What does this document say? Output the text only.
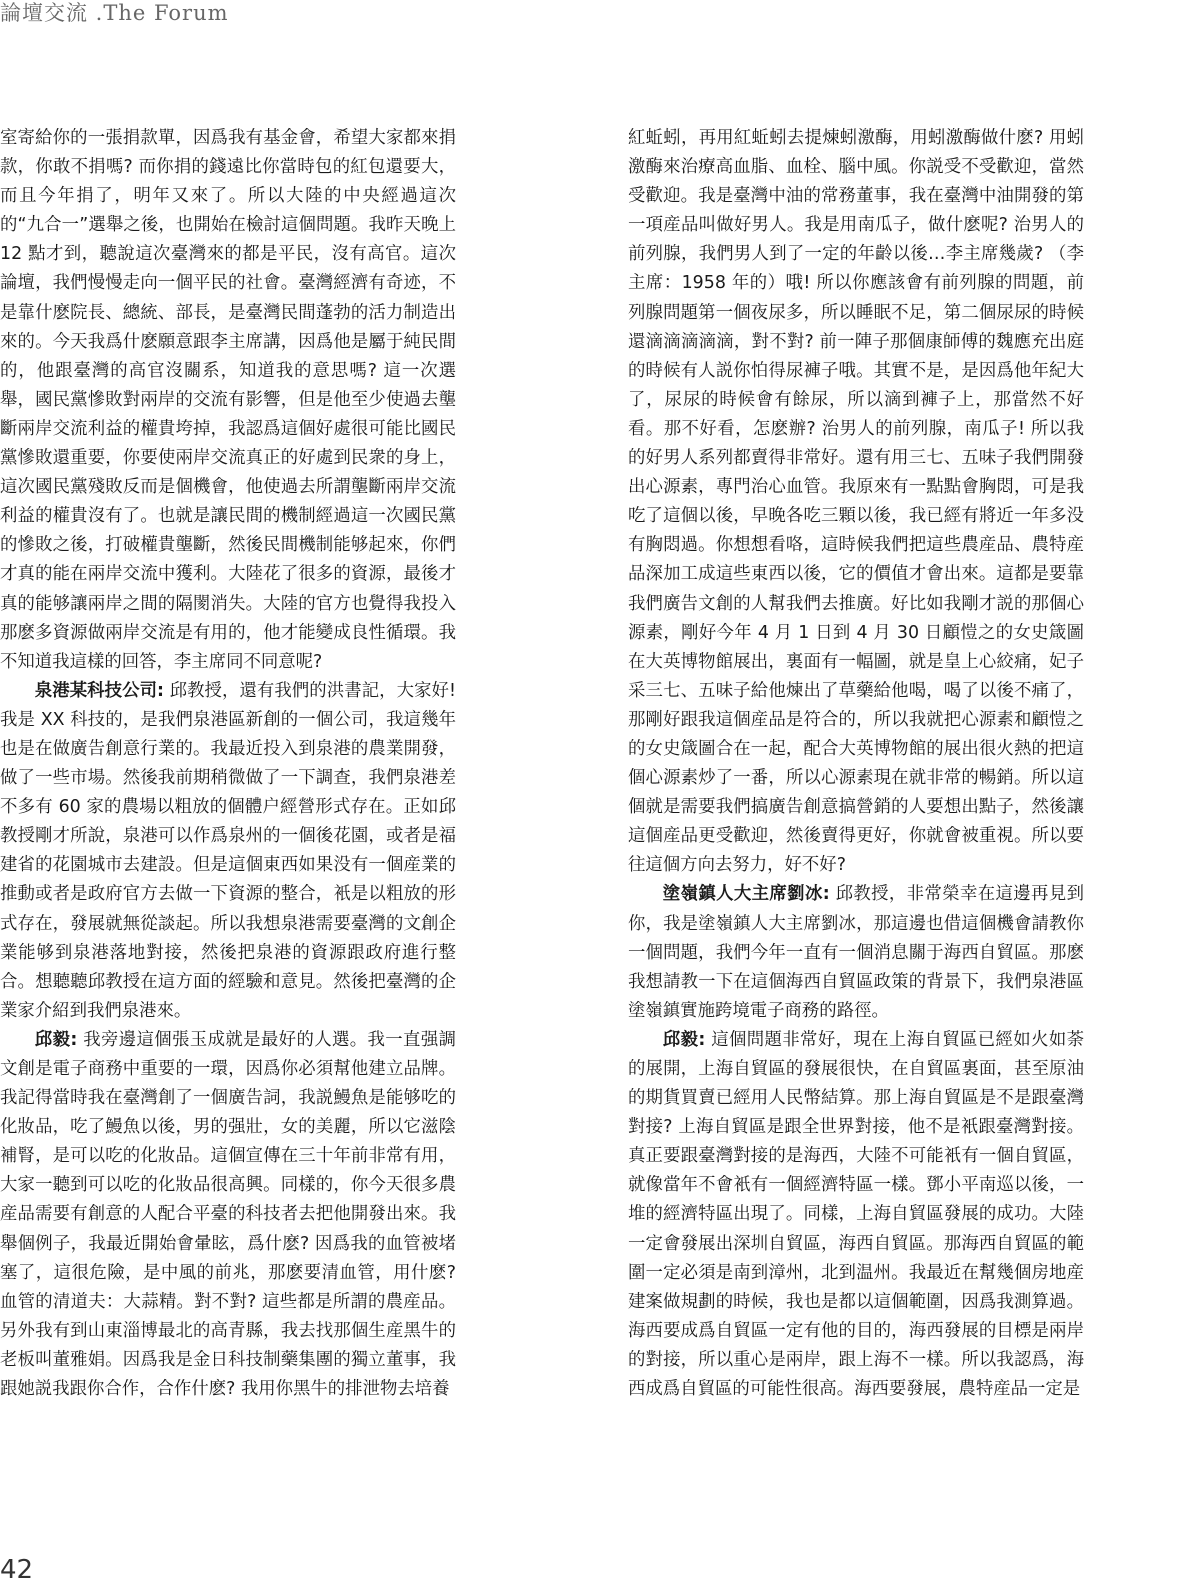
論壇交流 .The Forum

室寄給你的一張捐款單，因爲我有基金會，希望大家都來捐款，你敢不捐嗎? 而你捐的錢遠比你當時包的紅包還要大，而且今年捐了，明年又來了。所以大陸的中央經過這次的“九合一”選舉之後，也開始在檢討這個問題。我昨天晚上 12 點才到，聽說這次臺灣來的都是平民，沒有高官。這次論壇，我們慢慢走向一個平民的社會。臺灣經濟有奇迹，不是靠什麽院長、總統、部長，是臺灣民間蓬勃的活力制造出來的。今天我爲什麽願意跟李主席講，因爲他是屬于純民間的，他跟臺灣的高官沒關系，知道我的意思嗎? 這一次選舉，國民黨慘敗對兩岸的交流有影響，但是他至少使過去壟斷兩岸交流利益的權貴垮掉，我認爲這個好處很可能比國民黨慘敗還重要，你要使兩岸交流真正的好處到民衆的身上，這次國民黨殘敗反而是個機會，他使過去所謂壟斷兩岸交流利益的權貴沒有了。也就是讓民間的機制經過這一次國民黨的慘敗之後，打破權貴壟斷，然後民間機制能够起來，你們才真的能在兩岸交流中獲利。大陸花了很多的資源，最後才真的能够讓兩岸之間的隔閡消失。大陸的官方也覺得我投入那麽多資源做兩岸交流是有用的，他才能變成良性循環。我不知道我這樣的回答，李主席同不同意呢?

泉港某科技公司: 邱教授，還有我們的洪書記，大家好! 我是 XX 科技的，是我們泉港區新創的一個公司，我這幾年也是在做廣告創意行業的。我最近投入到泉港的農業開發，做了一些市場。然後我前期稍微做了一下調查，我們泉港差不多有 60 家的農場以粗放的個體户經營形式存在。正如邱教授剛才所說，泉港可以作爲泉州的一個後花園，或者是福建省的花園城市去建設。但是這個東西如果没有一個産業的推動或者是政府官方去做一下資源的整合，衹是以粗放的形式存在，發展就無從談起。所以我想泉港需要臺灣的文創企業能够到泉港落地對接，然後把泉港的資源跟政府進行整合。想聽聽邱教授在這方面的經驗和意見。然後把臺灣的企業家介紹到我們泉港來。

邱毅: 我旁邊這個張玉成就是最好的人選。我一直强調文創是電子商務中重要的一環，因爲你必須幫他建立品牌。我記得當時我在臺灣創了一個廣告詞，我説鰻魚是能够吃的化妝品，吃了鰻魚以後，男的强壯，女的美麗，所以它滋陰補腎，是可以吃的化妝品。這個宣傳在三十年前非常有用，大家一聽到可以吃的化妝品很高興。同樣的，你今天很多農産品需要有創意的人配合平臺的科技者去把他開發出來。我舉個例子，我最近開始會暈眩，爲什麽? 因爲我的血管被堵塞了，這很危險，是中風的前兆，那麽要清血管，用什麽? 血管的清道夫：大蒜精。對不對? 這些都是所謂的農産品。另外我有到山東淄博最北的高青縣，我去找那個生産黑牛的老板叫董雅娟。因爲我是金日科技制藥集團的獨立董事，我跟她説我跟你合作，合作什麽? 我用你黑牛的排泄物去培養

紅蚯蚓，再用紅蚯蚓去提煉蚓激酶，用蚓激酶做什麽? 用蚓激酶來治療高血脂、血栓、腦中風。你説受不受歡迎，當然受歡迎。我是臺灣中油的常務董事，我在臺灣中油開發的第一項産品叫做好男人。我是用南瓜子，做什麽呢? 治男人的前列腺，我們男人到了一定的年齡以後…李主席幾歲? （李主席：1958 年的）哦! 所以你應該會有前列腺的問題，前列腺問題第一個夜尿多，所以睡眠不足，第二個尿尿的時候還滴滴滴滴滴，對不對? 前一陣子那個康師傅的魏應充出庭的時候有人説你怕得尿褲子哦。其實不是，是因爲他年紀大了，尿尿的時候會有餘尿，所以滴到褲子上，那當然不好看。那不好看，怎麽辦? 治男人的前列腺，南瓜子! 所以我的好男人系列都賣得非常好。還有用三七、五味子我們開發出心源素，專門治心血管。我原來有一點點會胸悶，可是我吃了這個以後，早晚各吃三顆以後，我已經有將近一年多没有胸悶過。你想想看咯，這時候我們把這些農産品、農特産品深加工成這些東西以後，它的價值才會出來。這都是要靠我們廣告文創的人幫我們去推廣。好比如我剛才説的那個心源素，剛好今年 4 月 1 日到 4 月 30 日顧愷之的女史箴圖在大英博物館展出，裏面有一幅圖，就是皇上心絞痛，妃子采三七、五味子給他煉出了草藥給他喝，喝了以後不痛了，那剛好跟我這個産品是符合的，所以我就把心源素和顧愷之的女史箴圖合在一起，配合大英博物館的展出很火熱的把這個心源素炒了一番，所以心源素現在就非常的暢銷。所以這個就是需要我們搞廣告創意搞營銷的人要想出點子，然後讓這個産品更受歡迎，然後賣得更好，你就會被重視。所以要往這個方向去努力，好不好?

塗嶺鎮人大主席劉冰: 邱教授，非常榮幸在這邊再見到你，我是塗嶺鎮人大主席劉冰，那這邊也借這個機會請教你一個問題，我們今年一直有一個消息關于海西自貿區。那麽我想請教一下在這個海西自貿區政策的背景下，我們泉港區塗嶺鎮實施跨境電子商務的路徑。

邱毅: 這個問題非常好，現在上海自貿區已經如火如荼的展開，上海自貿區的發展很快，在自貿區裏面，甚至原油的期貨買賣已經用人民幣結算。那上海自貿區是不是跟臺灣對接? 上海自貿區是跟全世界對接，他不是衹跟臺灣對接。真正要跟臺灣對接的是海西，大陸不可能衹有一個自貿區，就像當年不會衹有一個經濟特區一樣。鄧小平南巡以後，一堆的經濟特區出現了。同樣，上海自貿區發展的成功。大陸一定會發展出深圳自貿區，海西自貿區。那海西自貿區的範圍一定必須是南到漳州，北到温州。我最近在幫幾個房地産建案做規劃的時候，我也是都以這個範圍，因爲我測算過。海西要成爲自貿區一定有他的目的，海西發展的目標是兩岸的對接，所以重心是兩岸，跟上海不一樣。所以我認爲，海西成爲自貿區的可能性很高。海西要發展，農特産品一定是

42
